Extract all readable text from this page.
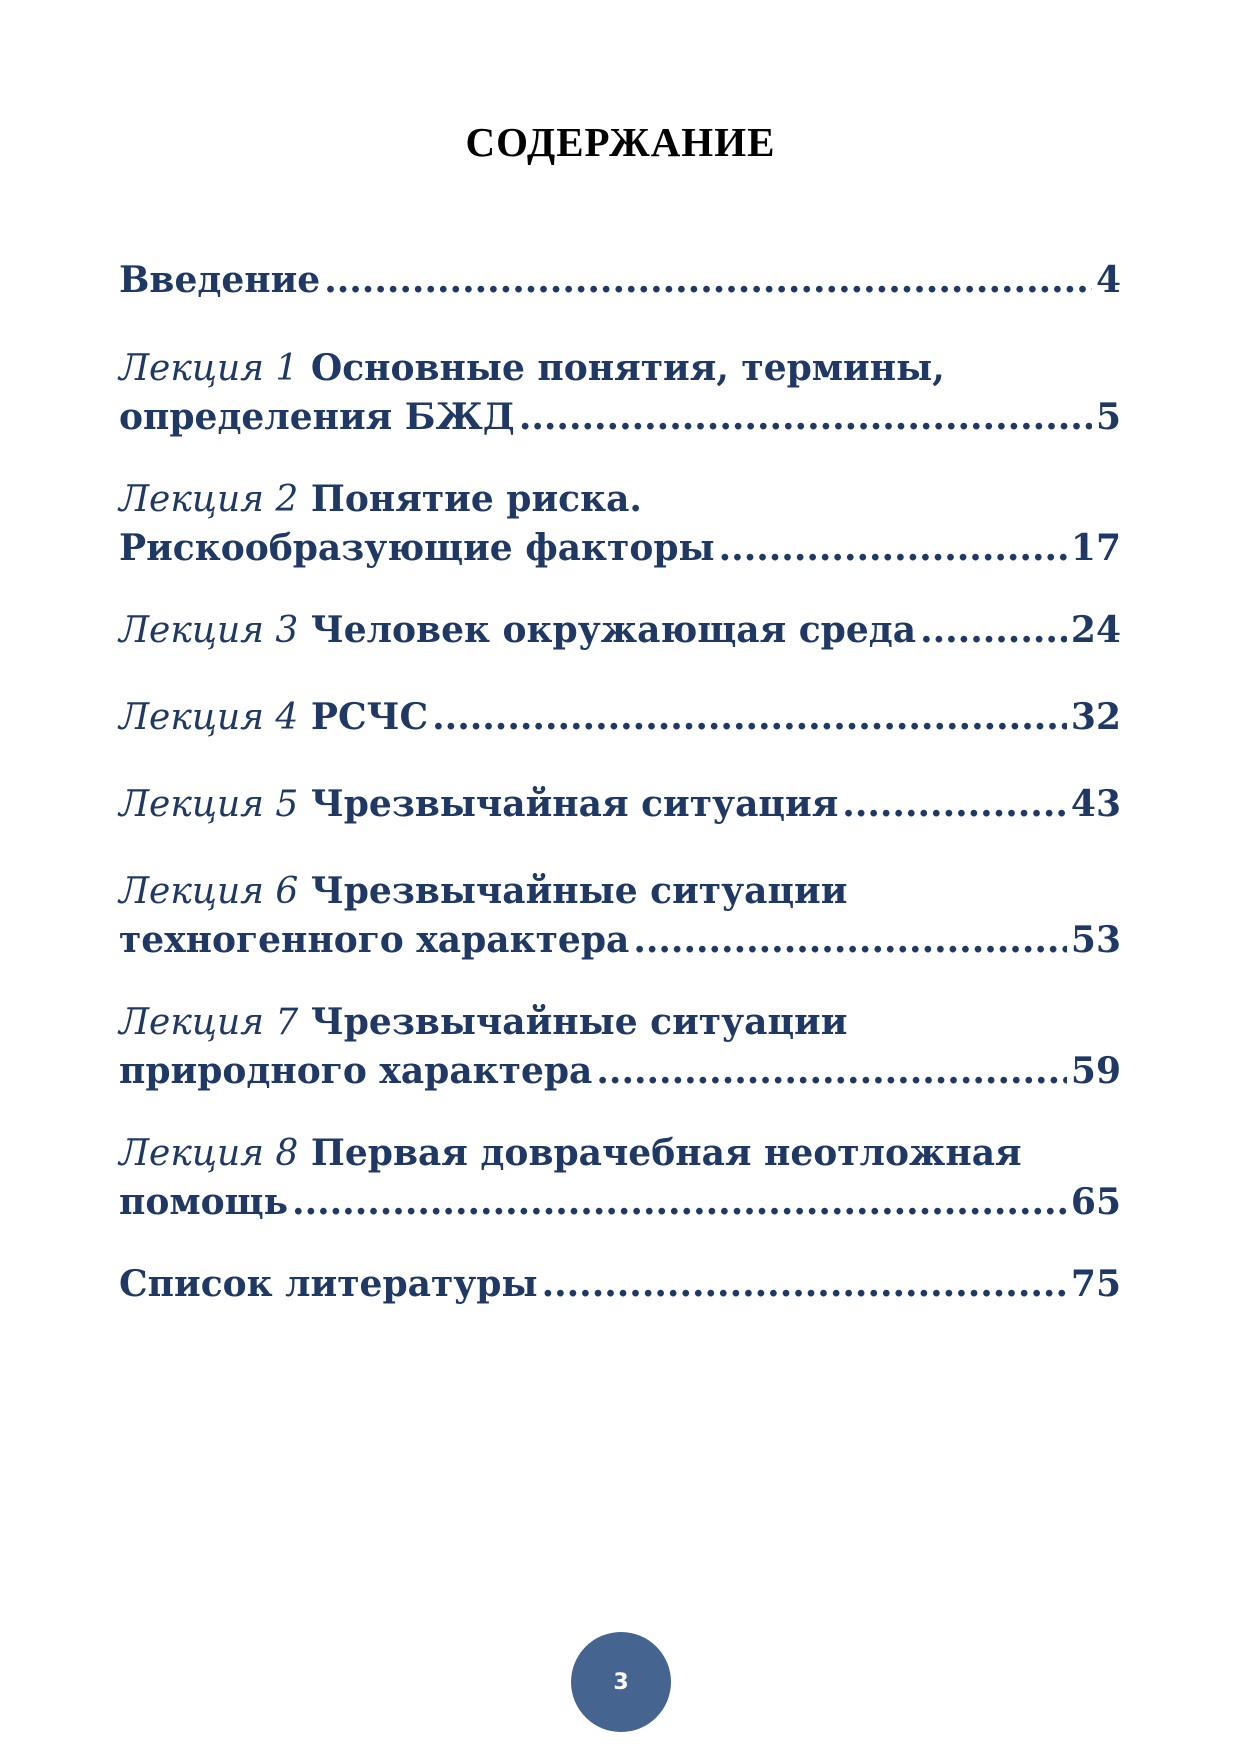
СОДЕРЖАНИЕ
Введение .....	4
Лекция 1 Основные понятия, термины,
определения БЖД .....	5
Лекция 2 Понятие риска.
Рискообразующие факторы .....	17
Лекция 3 Человек окружающая среда .....	24
Лекция 4 РСЧС .....	32
Лекция 5 Чрезвычайная ситуация .....	43
Лекция 6 Чрезвычайные ситуации
техногенного характера .....	53
Лекция 7 Чрезвычайные ситуации
природного характера .....	59
Лекция 8 Первая доврачебная неотложная
помощь .....	65
Список литературы .....	75
3
